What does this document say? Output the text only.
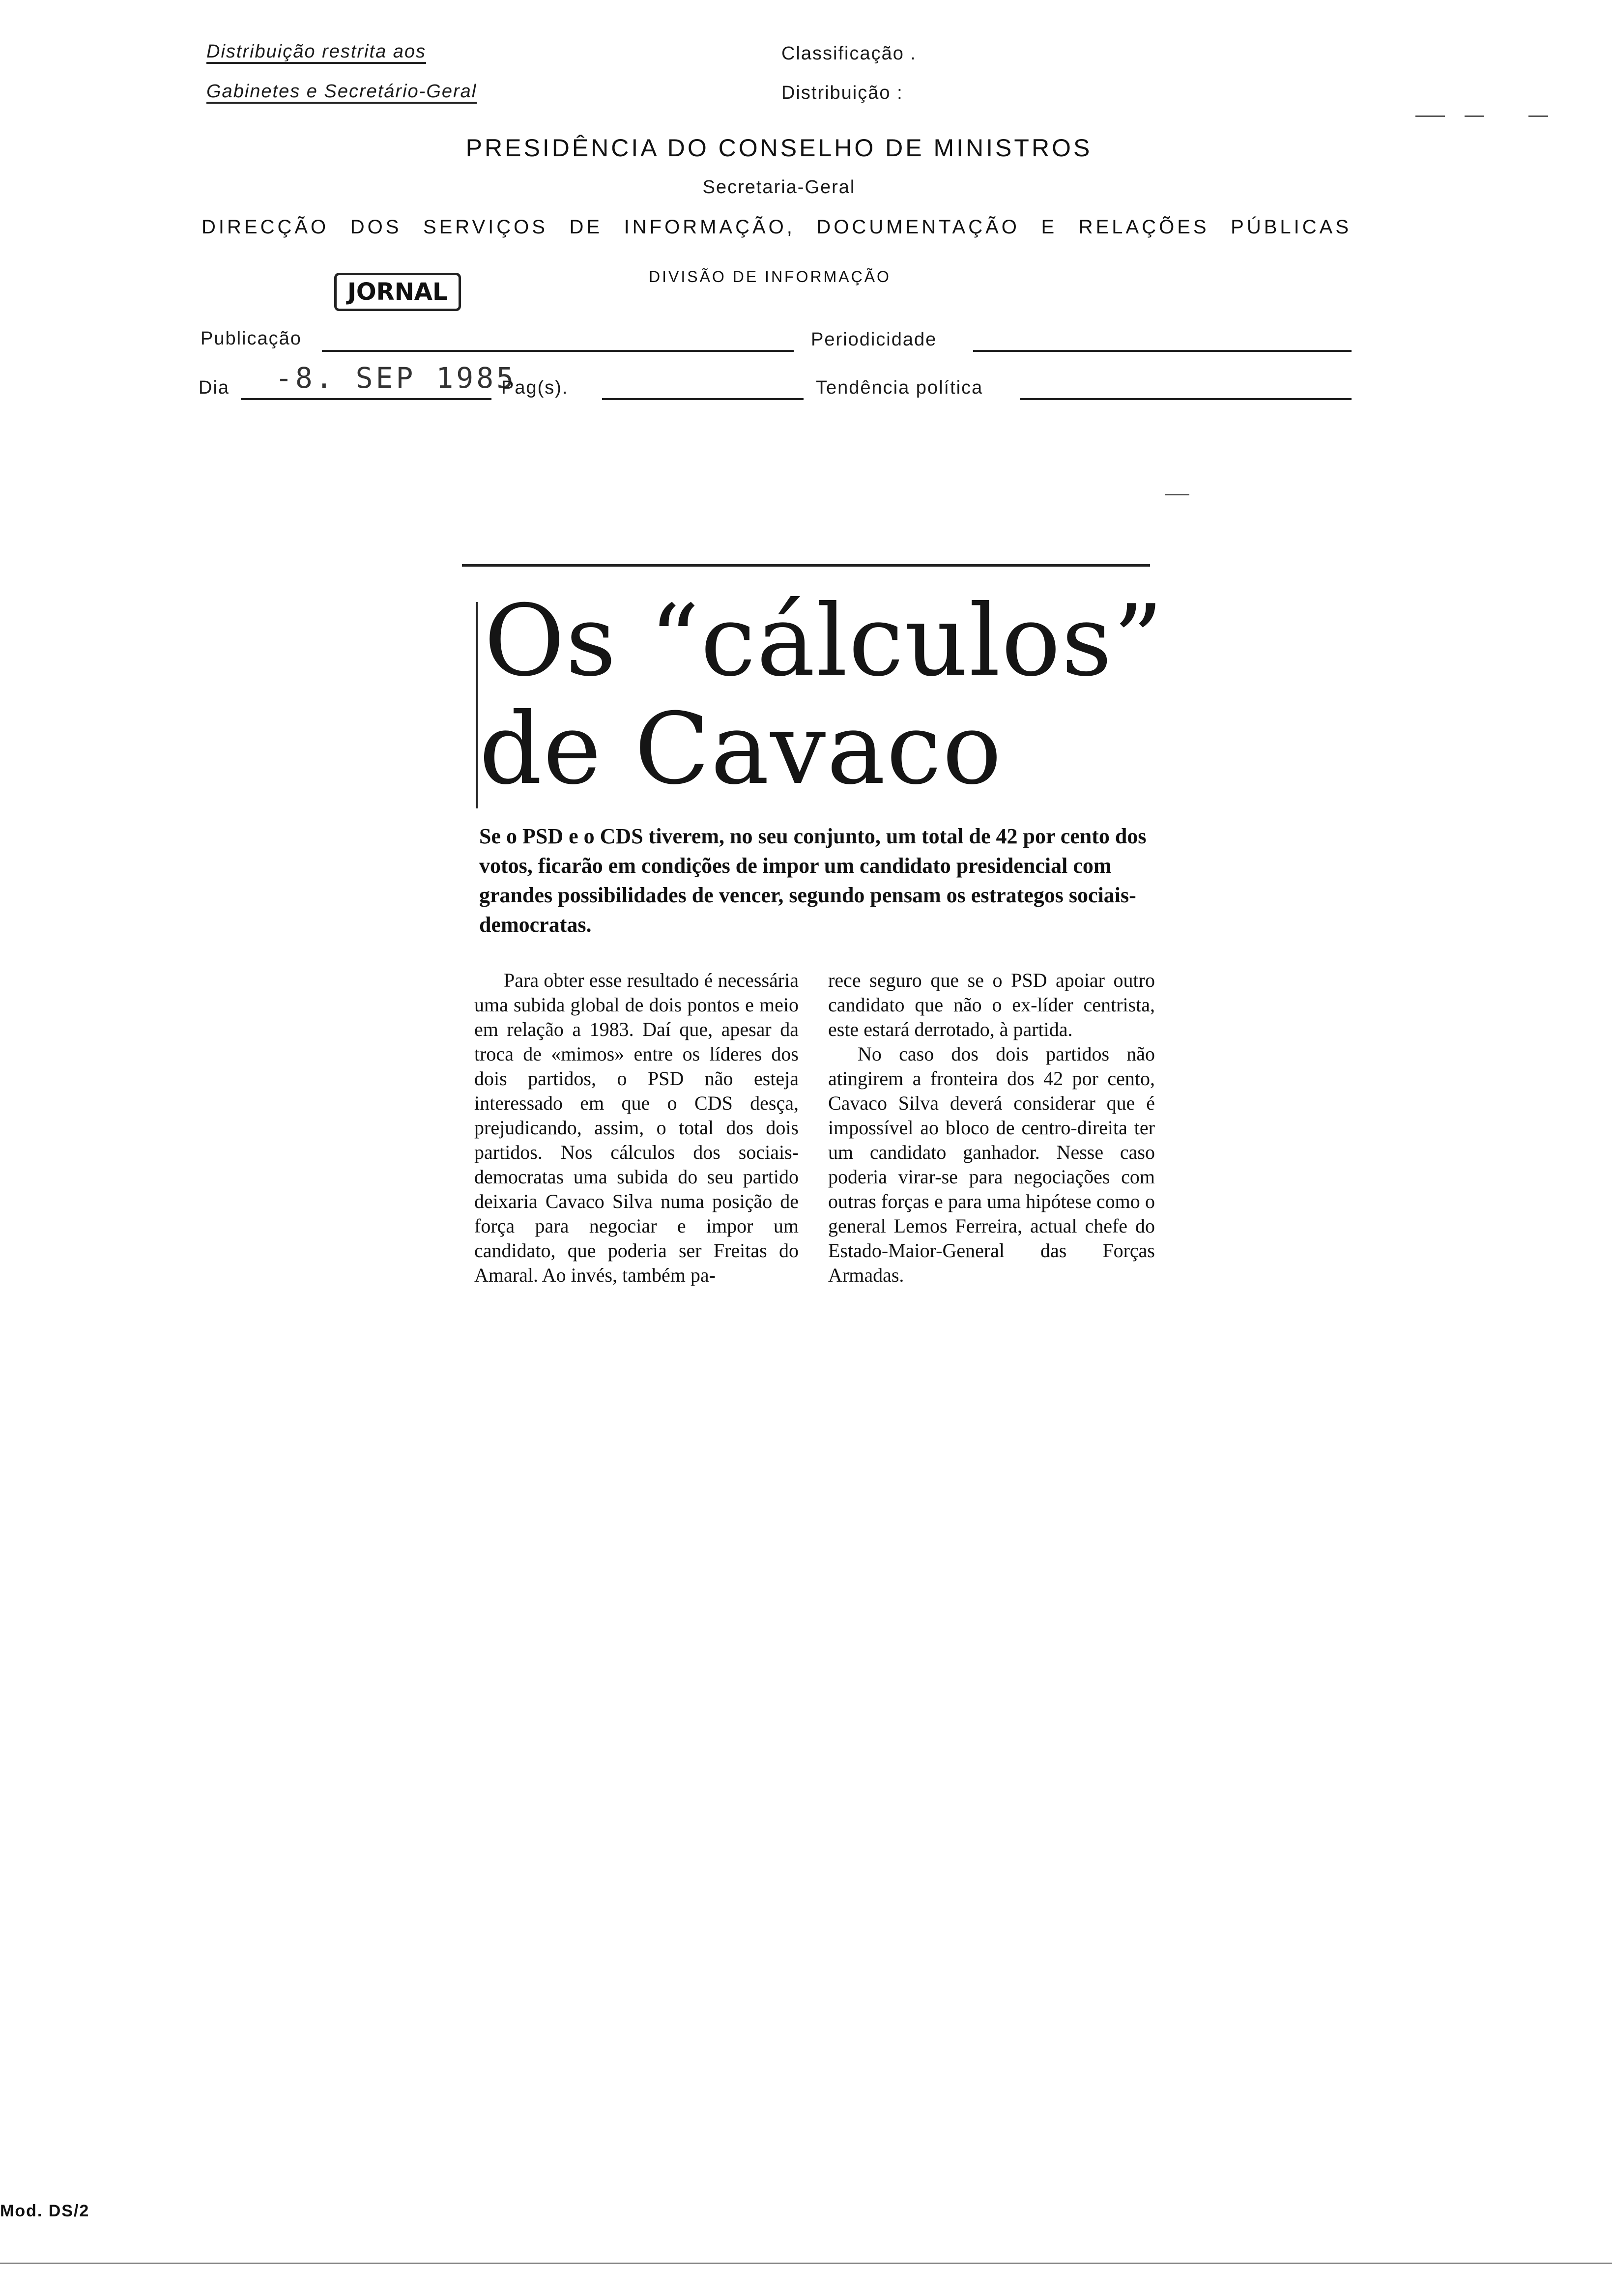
Distribuição restrita aos
Gabinetes e Secretário-Geral
Classificação .
Distribuição :
PRESIDÊNCIA DO CONSELHO DE MINISTROS
Secretaria-Geral
DIRECÇÃO DOS SERVIÇOS DE INFORMAÇÃO, DOCUMENTAÇÃO E RELAÇÕES PÚBLICAS
DIVISÃO DE INFORMAÇÃO
JORNAL
Publicação	Periodicidade
Dia -8. SEP 1985
Pag(s).	Tendência política
Os “cálculos”
de Cavaco
Se o PSD e o CDS tiverem, no seu conjunto, um total de 42 por cento dos votos, ficarão em condições de impor um candidato presidencial com grandes possibilidades de vencer, segundo pensam os estrategos sociais-democratas.

Para obter esse resultado é necessária uma subida global de dois pontos e meio em relação a 1983. Daí que, apesar da troca de «mimos» entre os líderes dos dois partidos, o PSD não esteja interessado em que o CDS desça, prejudicando, assim, o total dos dois partidos. Nos cálculos dos sociais-democratas uma subida do seu partido deixaria Cavaco Silva numa posição de força para negociar e impor um candidato, que poderia ser Freitas do Amaral. Ao invés, também pa-

rece seguro que se o PSD apoiar outro candidato que não o ex-líder centrista, este estará derrotado, à partida.

No caso dos dois partidos não atingirem a fronteira dos 42 por cento, Cavaco Silva deverá considerar que é impossível ao bloco de centro-direita ter um candidato ganhador. Nesse caso poderia virar-se para negociações com outras forças e para uma hipótese como o general Lemos Ferreira, actual chefe do Estado-Maior-General das Forças Armadas.

Mod. DS/2
